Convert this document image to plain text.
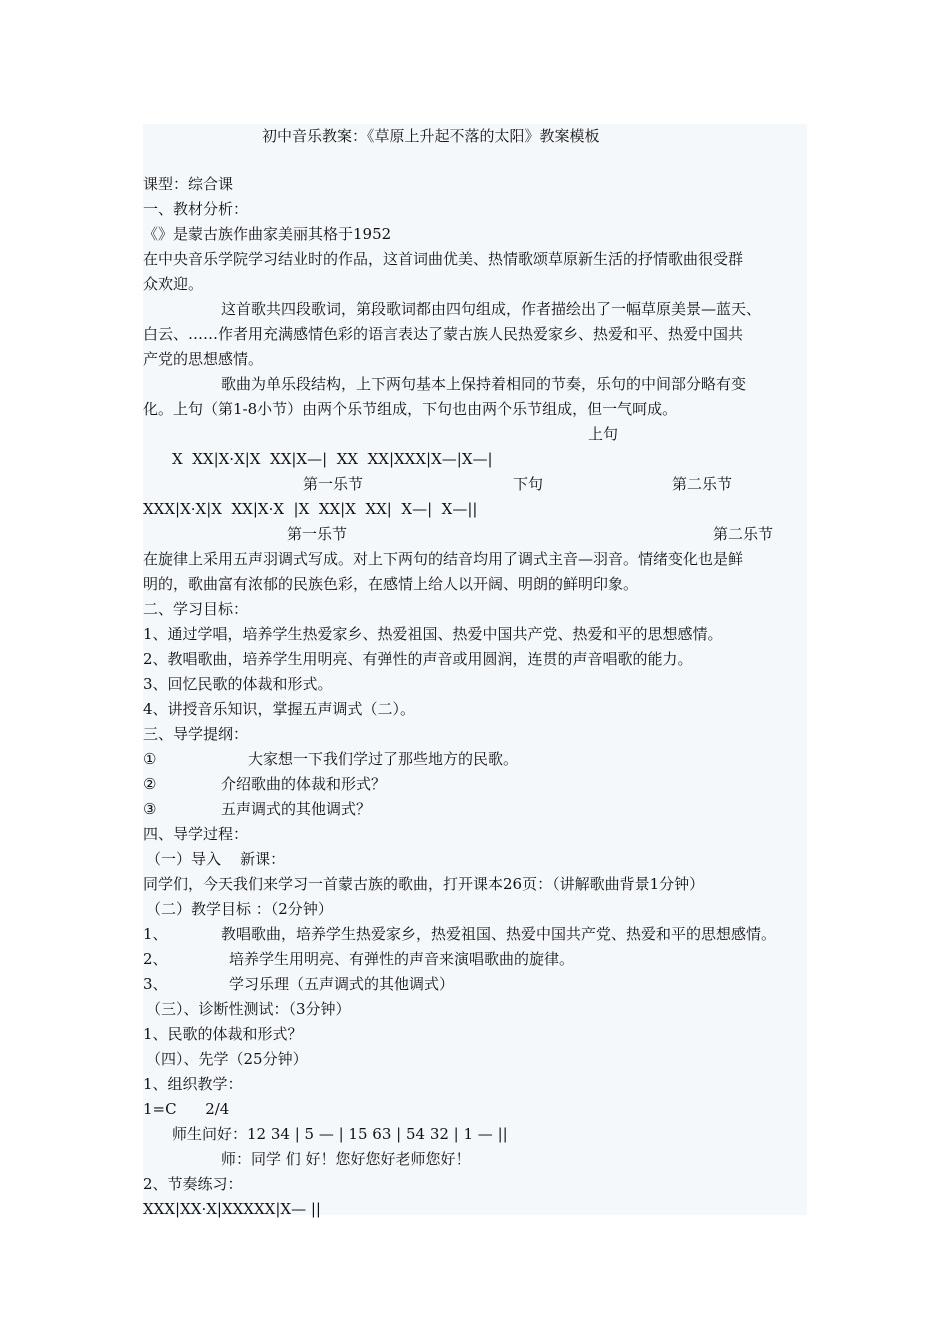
初中音乐教案：《草原上升起不落的太阳》教案模板
课型：综合课
一、教材分析：
《》是蒙古族作曲家美丽其格于1952
在中央音乐学院学习结业时的作品，这首词曲优美、热情歌颂草原新生活的抒情歌曲很受群
众欢迎。
这首歌共四段歌词，第段歌词都由四句组成，作者描绘出了一幅草原美景—蓝天、
白云、……作者用充满感情色彩的语言表达了蒙古族人民热爱家乡、热爱和平、热爱中国共
产党的思想感情。
歌曲为单乐段结构，上下两句基本上保持着相同的节奏，乐句的中间部分略有变
化。上句（第1-8小节）由两个乐节组成，下句也由两个乐节组成，但一气呵成。
上句
X  XX|X·X|X  XX|X—|  XX  XX|XXX|X—|X—|
第一乐节	下句	第二乐节
XXX|X·X|X  XX|X·X  |X  XX|X  XX|  X—|  X—||
第一乐节	第二乐节
在旋律上采用五声羽调式写成。对上下两句的结音均用了调式主音—羽音。情绪变化也是鲜
明的，歌曲富有浓郁的民族色彩，在感情上给人以开阔、明朗的鲜明印象。
二、学习目标：
1、通过学唱，培养学生热爱家乡、热爱祖国、热爱中国共产党、热爱和平的思想感情。
2、教唱歌曲，培养学生用明亮、有弹性的声音或用圆润，连贯的声音唱歌的能力。
3、回忆民歌的体裁和形式。
4、讲授音乐知识，掌握五声调式（二）。
三、导学提纲：
①	大家想一下我们学过了那些地方的民歌。
②	介绍歌曲的体裁和形式？
③	五声调式的其他调式？
四、导学过程：
（一）导入    新课：
同学们，今天我们来学习一首蒙古族的歌曲，打开课本26页：（讲解歌曲背景1分钟）
（二）教学目标 ：（2分钟）
1、	教唱歌曲，培养学生热爱家乡，热爱祖国、热爱中国共产党、热爱和平的思想感情。
2、	培养学生用明亮、有弹性的声音来演唱歌曲的旋律。
3、	学习乐理（五声调式的其他调式）
（三）、诊断性测试：（3分钟）
1、民歌的体裁和形式？
（四）、先学（25分钟）
1、组织教学：
1=C      2/4
师生问好：12 34 | 5 — | 15 63 | 54 32 | 1 — ||
师：同学 们 好！您好您好老师您好！
2、节奏练习：
XXX|XX·X|XXXXX|X— ||
